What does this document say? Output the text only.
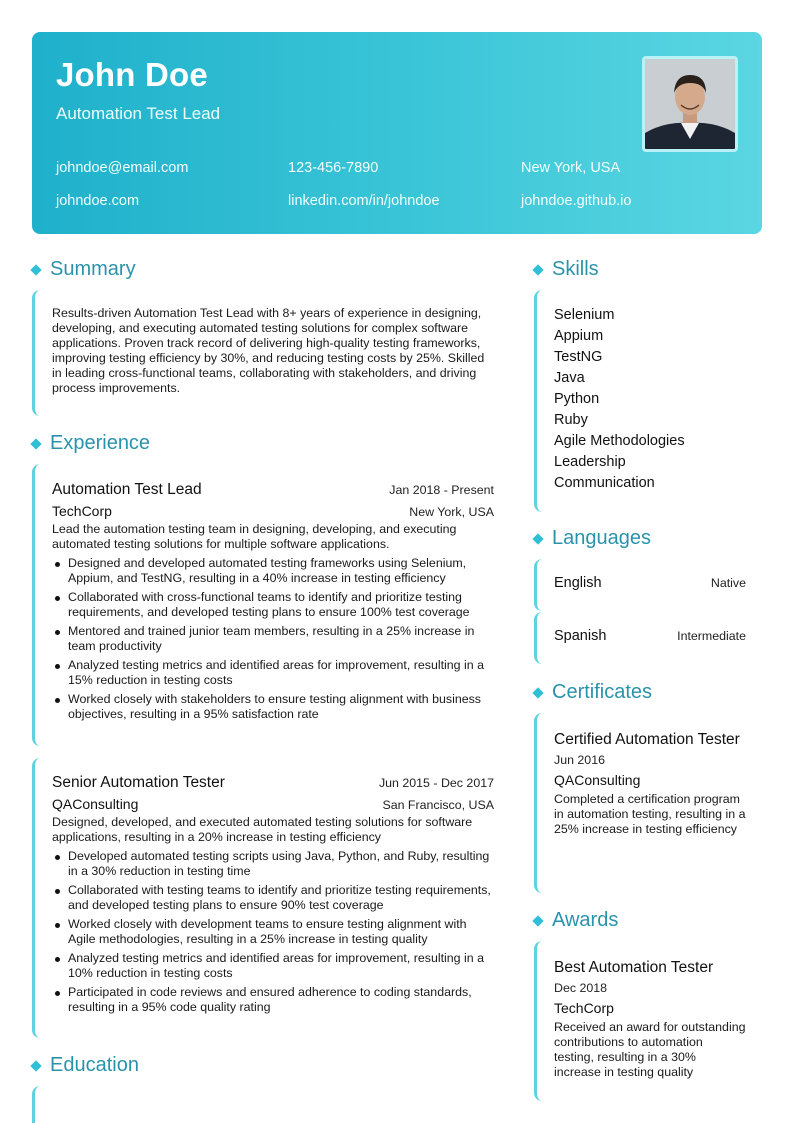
John Doe
Automation Test Lead
johndoe@email.com	123-456-7890	New York, USA
johndoe.com	linkedin.com/in/johndoe	johndoe.github.io
Summary
Results-driven Automation Test Lead with 8+ years of experience in designing, developing, and executing automated testing solutions for complex software applications. Proven track record of delivering high-quality testing frameworks, improving testing efficiency by 30%, and reducing testing costs by 25%. Skilled in leading cross-functional teams, collaborating with stakeholders, and driving process improvements.
Experience
Automation Test Lead	Jan 2018 - Present
TechCorp	New York, USA
Lead the automation testing team in designing, developing, and executing automated testing solutions for multiple software applications.
Designed and developed automated testing frameworks using Selenium, Appium, and TestNG, resulting in a 40% increase in testing efficiency
Collaborated with cross-functional teams to identify and prioritize testing requirements, and developed testing plans to ensure 100% test coverage
Mentored and trained junior team members, resulting in a 25% increase in team productivity
Analyzed testing metrics and identified areas for improvement, resulting in a 15% reduction in testing costs
Worked closely with stakeholders to ensure testing alignment with business objectives, resulting in a 95% satisfaction rate
Senior Automation Tester	Jun 2015 - Dec 2017
QAConsulting	San Francisco, USA
Designed, developed, and executed automated testing solutions for software applications, resulting in a 20% increase in testing efficiency
Developed automated testing scripts using Java, Python, and Ruby, resulting in a 30% reduction in testing time
Collaborated with testing teams to identify and prioritize testing requirements, and developed testing plans to ensure 90% test coverage
Worked closely with development teams to ensure testing alignment with Agile methodologies, resulting in a 25% increase in testing quality
Analyzed testing metrics and identified areas for improvement, resulting in a 10% reduction in testing costs
Participated in code reviews and ensured adherence to coding standards, resulting in a 95% code quality rating
Education
Skills
Selenium
Appium
TestNG
Java
Python
Ruby
Agile Methodologies
Leadership
Communication
Languages
English	Native
Spanish	Intermediate
Certificates
Certified Automation Tester
Jun 2016
QAConsulting
Completed a certification program in automation testing, resulting in a 25% increase in testing efficiency
Awards
Best Automation Tester
Dec 2018
TechCorp
Received an award for outstanding contributions to automation testing, resulting in a 30% increase in testing quality
